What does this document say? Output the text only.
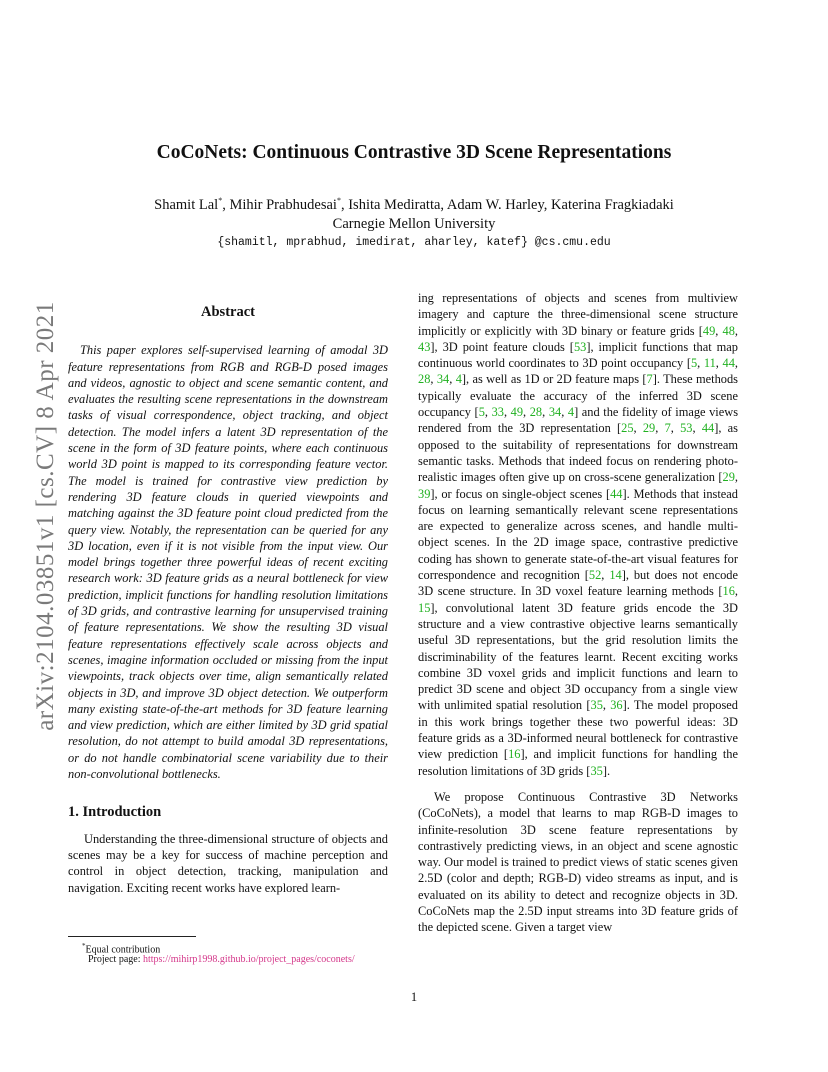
arXiv:2104.03851v1 [cs.CV] 8 Apr 2021
CoCoNets: Continuous Contrastive 3D Scene Representations
Shamit Lal*, Mihir Prabhudesai*, Ishita Mediratta, Adam W. Harley, Katerina Fragkiadaki
Carnegie Mellon University
{shamitl, mprabhud, imedirat, aharley, katef} @cs.cmu.edu
Abstract

This paper explores self-supervised learning of amodal 3D feature representations from RGB and RGB-D posed images and videos, agnostic to object and scene semantic content, and evaluates the resulting scene representations in the downstream tasks of visual correspondence, object tracking, and object detection. The model infers a latent 3D representation of the scene in the form of 3D feature points, where each continuous world 3D point is mapped to its corresponding feature vector. The model is trained for contrastive view prediction by rendering 3D feature clouds in queried viewpoints and matching against the 3D feature point cloud predicted from the query view. Notably, the representation can be queried for any 3D location, even if it is not visible from the input view. Our model brings together three powerful ideas of recent exciting research work: 3D feature grids as a neural bottleneck for view prediction, implicit functions for handling resolution limitations of 3D grids, and contrastive learning for unsupervised training of feature representations. We show the resulting 3D visual feature representations effectively scale across objects and scenes, imagine information occluded or missing from the input viewpoints, track objects over time, align semantically related objects in 3D, and improve 3D object detection. We outperform many existing state-of-the-art methods for 3D feature learning and view prediction, which are either limited by 3D grid spatial resolution, do not attempt to build amodal 3D representations, or do not handle combinatorial scene variability due to their non-convolutional bottlenecks.

1. Introduction

Understanding the three-dimensional structure of objects and scenes may be a key for success of machine perception and control in object detection, tracking, manipulation and navigation. Exciting recent works have explored learn-

ing representations of objects and scenes from multiview imagery and capture the three-dimensional scene structure implicitly or explicitly with 3D binary or feature grids [49, 48, 43], 3D point feature clouds [53], implicit functions that map continuous world coordinates to 3D point occupancy [5, 11, 44, 28, 34, 4], as well as 1D or 2D feature maps [7]. These methods typically evaluate the accuracy of the inferred 3D scene occupancy [5, 33, 49, 28, 34, 4] and the fidelity of image views rendered from the 3D representation [25, 29, 7, 53, 44], as opposed to the suitability of representations for downstream semantic tasks. Methods that indeed focus on rendering photo-realistic images often give up on cross-scene generalization [29, 39], or focus on single-object scenes [44]. Methods that instead focus on learning semantically relevant scene representations are expected to generalize across scenes, and handle multi-object scenes. In the 2D image space, contrastive predictive coding has shown to generate state-of-the-art visual features for correspondence and recognition [52, 14], but does not encode 3D scene structure. In 3D voxel feature learning methods [16, 15], convolutional latent 3D feature grids encode the 3D structure and a view contrastive objective learns semantically useful 3D representations, but the grid resolution limits the discriminability of the features learnt. Recent exciting works combine 3D voxel grids and implicit functions and learn to predict 3D scene and object 3D occupancy from a single view with unlimited spatial resolution [35, 36]. The model proposed in this work brings together these two powerful ideas: 3D feature grids as a 3D-informed neural bottleneck for contrastive view prediction [16], and implicit functions for handling the resolution limitations of 3D grids [35].

We propose Continuous Contrastive 3D Networks (CoCoNets), a model that learns to map RGB-D images to infinite-resolution 3D scene feature representations by contrastively predicting views, in an object and scene agnostic way. Our model is trained to predict views of static scenes given 2.5D (color and depth; RGB-D) video streams as input, and is evaluated on its ability to detect and recognize objects in 3D. CoCoNets map the 2.5D input streams into 3D feature grids of the depicted scene. Given a target view

*Equal contribution
Project page: https://mihirp1998.github.io/project_pages/coconets/
1
